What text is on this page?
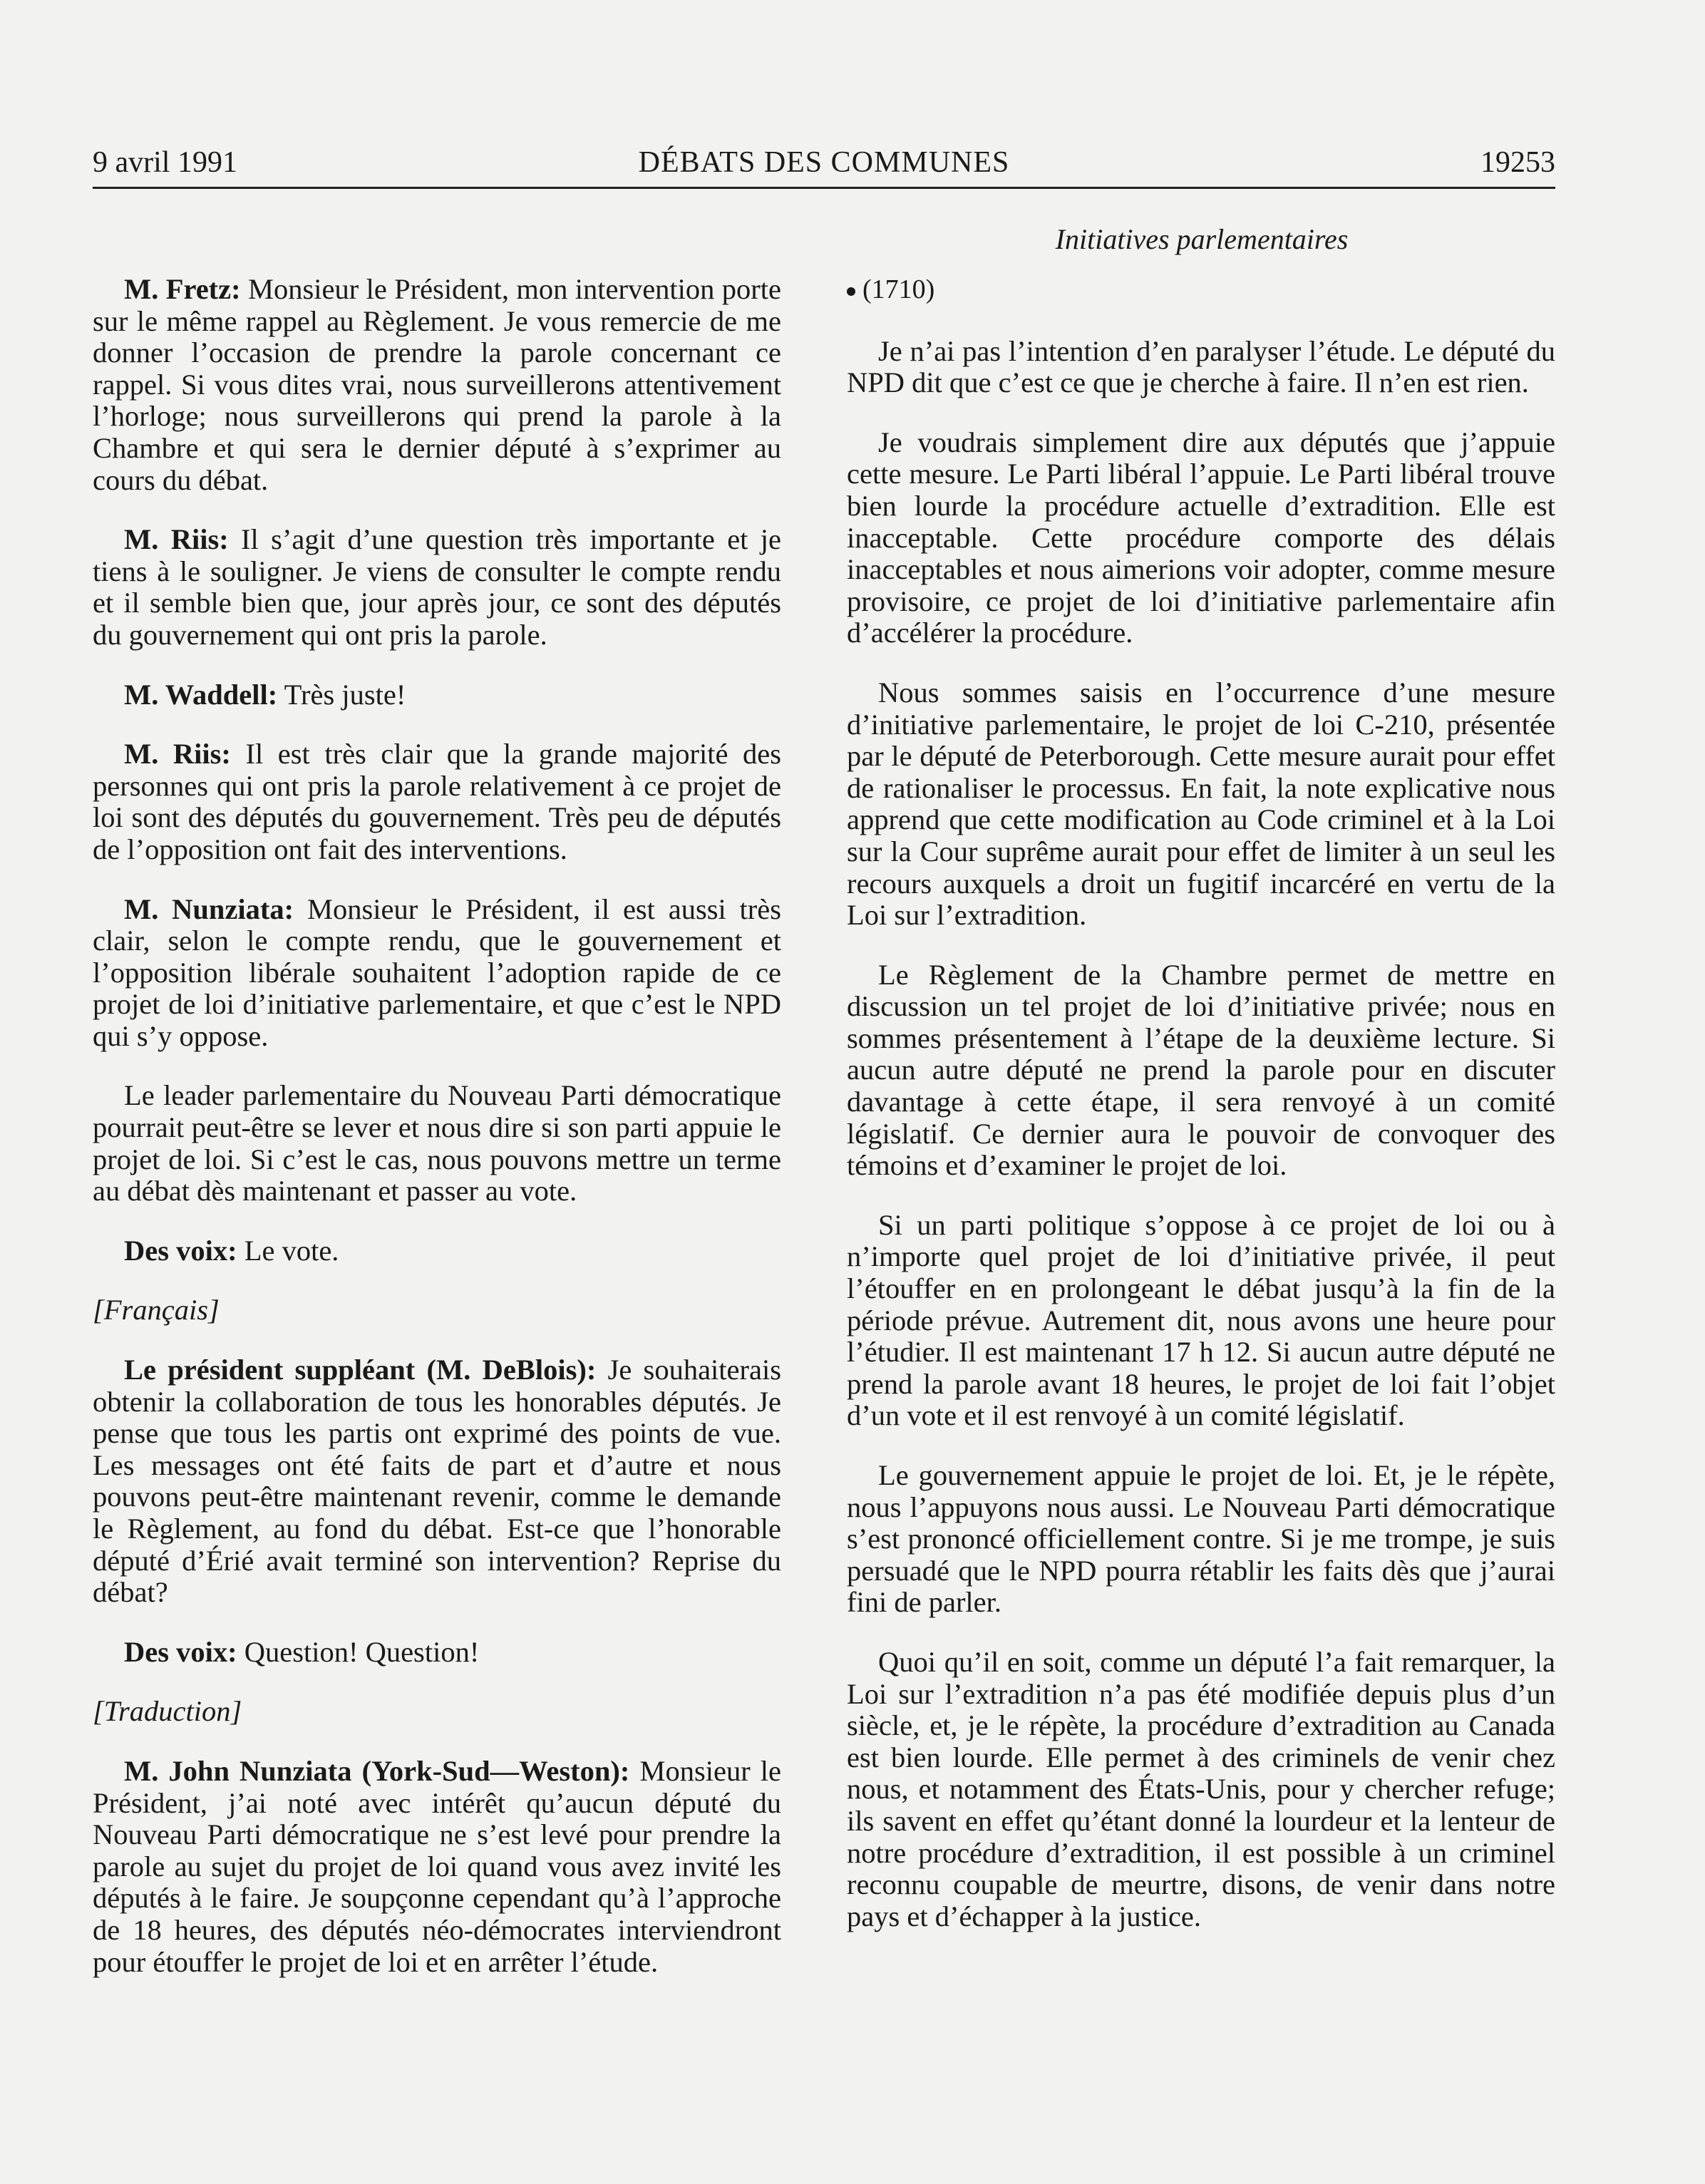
9 avril 1991	DÉBATS DES COMMUNES	19253
Initiatives parlementaires

M. Fretz: Monsieur le Président, mon intervention porte sur le même rappel au Règlement. Je vous remercie de me donner l’occasion de prendre la parole concernant ce rappel. Si vous dites vrai, nous surveillerons attentivement l’horloge; nous surveillerons qui prend la parole à la Chambre et qui sera le dernier député à s’exprimer au cours du débat.

M. Riis: Il s’agit d’une question très importante et je tiens à le souligner. Je viens de consulter le compte rendu et il semble bien que, jour après jour, ce sont des députés du gouvernement qui ont pris la parole.

M. Waddell: Très juste!

M. Riis: Il est très clair que la grande majorité des personnes qui ont pris la parole relativement à ce projet de loi sont des députés du gouvernement. Très peu de députés de l’opposition ont fait des interventions.

M. Nunziata: Monsieur le Président, il est aussi très clair, selon le compte rendu, que le gouvernement et l’opposition libérale souhaitent l’adoption rapide de ce projet de loi d’initiative parlementaire, et que c’est le NPD qui s’y oppose.

Le leader parlementaire du Nouveau Parti démocratique pourrait peut-être se lever et nous dire si son parti appuie le projet de loi. Si c’est le cas, nous pouvons mettre un terme au débat dès maintenant et passer au vote.

Des voix: Le vote.

[Français]

Le président suppléant (M. DeBlois): Je souhaiterais obtenir la collaboration de tous les honorables députés. Je pense que tous les partis ont exprimé des points de vue. Les messages ont été faits de part et d’autre et nous pouvons peut-être maintenant revenir, comme le demande le Règlement, au fond du débat. Est-ce que l’honorable député d’Érié avait terminé son intervention? Reprise du débat?

Des voix: Question! Question!

[Traduction]

M. John Nunziata (York-Sud—Weston): Monsieur le Président, j’ai noté avec intérêt qu’aucun député du Nouveau Parti démocratique ne s’est levé pour prendre la parole au sujet du projet de loi quand vous avez invité les députés à le faire. Je soupçonne cependant qu’à l’approche de 18 heures, des députés néo-démocrates interviendront pour étouffer le projet de loi et en arrêter l’étude.

(1710)

Je n’ai pas l’intention d’en paralyser l’étude. Le député du NPD dit que c’est ce que je cherche à faire. Il n’en est rien.

Je voudrais simplement dire aux députés que j’appuie cette mesure. Le Parti libéral l’appuie. Le Parti libéral trouve bien lourde la procédure actuelle d’extradition. Elle est inacceptable. Cette procédure comporte des délais inacceptables et nous aimerions voir adopter, comme mesure provisoire, ce projet de loi d’initiative parlementaire afin d’accélérer la procédure.

Nous sommes saisis en l’occurrence d’une mesure d’initiative parlementaire, le projet de loi C-210, présentée par le député de Peterborough. Cette mesure aurait pour effet de rationaliser le processus. En fait, la note explicative nous apprend que cette modification au Code criminel et à la Loi sur la Cour suprême aurait pour effet de limiter à un seul les recours auxquels a droit un fugitif incarcéré en vertu de la Loi sur l’extradition.

Le Règlement de la Chambre permet de mettre en discussion un tel projet de loi d’initiative privée; nous en sommes présentement à l’étape de la deuxième lecture. Si aucun autre député ne prend la parole pour en discuter davantage à cette étape, il sera renvoyé à un comité législatif. Ce dernier aura le pouvoir de convoquer des témoins et d’examiner le projet de loi.

Si un parti politique s’oppose à ce projet de loi ou à n’importe quel projet de loi d’initiative privée, il peut l’étouffer en en prolongeant le débat jusqu’à la fin de la période prévue. Autrement dit, nous avons une heure pour l’étudier. Il est maintenant 17 h 12. Si aucun autre député ne prend la parole avant 18 heures, le projet de loi fait l’objet d’un vote et il est renvoyé à un comité législatif.

Le gouvernement appuie le projet de loi. Et, je le répète, nous l’appuyons nous aussi. Le Nouveau Parti démocratique s’est prononcé officiellement contre. Si je me trompe, je suis persuadé que le NPD pourra rétablir les faits dès que j’aurai fini de parler.

Quoi qu’il en soit, comme un député l’a fait remarquer, la Loi sur l’extradition n’a pas été modifiée depuis plus d’un siècle, et, je le répète, la procédure d’extradition au Canada est bien lourde. Elle permet à des criminels de venir chez nous, et notamment des États-Unis, pour y chercher refuge; ils savent en effet qu’étant donné la lourdeur et la lenteur de notre procédure d’extradition, il est possible à un criminel reconnu coupable de meurtre, disons, de venir dans notre pays et d’échapper à la justice.
